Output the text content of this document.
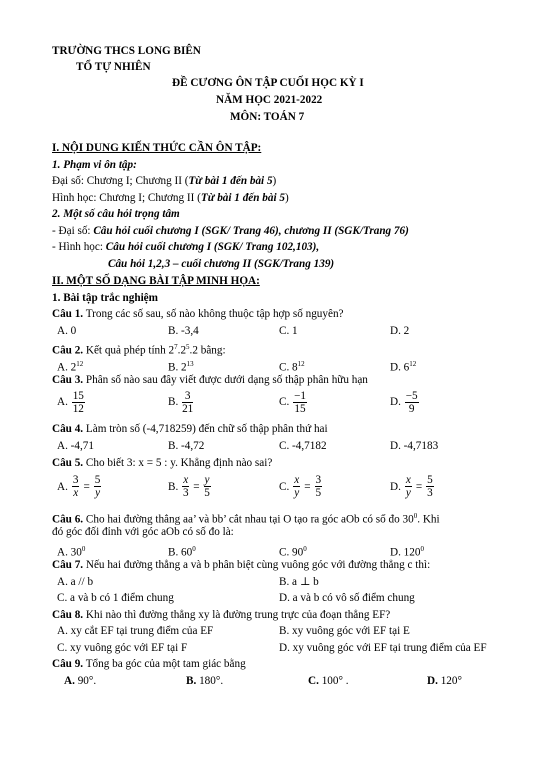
TRƯỜNG THCS LONG BIÊN
TỔ TỰ NHIÊN
ĐỀ CƯƠNG ÔN TẬP CUỐI HỌC KỲ I
NĂM HỌC 2021-2022
MÔN: TOÁN 7
I. NỘI DUNG KIẾN THỨC CẦN ÔN TẬP:
1. Phạm vi ôn tập:
Đại số: Chương I; Chương II (Từ bài 1 đến bài 5)
Hình học: Chương I; Chương II (Từ bài 1 đến bài 5)
2. Một số câu hỏi trọng tâm
- Đại số: Câu hỏi cuối chương I (SGK/ Trang 46), chương II (SGK/Trang 76)
- Hình học: Câu hỏi cuối chương I (SGK/ Trang 102,103),
Câu hỏi 1,2,3 – cuối chương II (SGK/Trang 139)
II. MỘT SỐ DẠNG BÀI TẬP MINH HỌA:
1. Bài tập trắc nghiệm
Câu 1. Trong các số sau, số nào không thuộc tập hợp số nguyên?
A. 0	B. -3,4	C. 1	D. 2
Câu 2. Kết quả phép tính $2^7.2^5.2$ bằng:
A. $2^{12}$	B. $2^{13}$	C. $8^{12}$	D. $6^{12}$
Câu 3. Phân số nào sau đây viết được dưới dạng số thập phân hữu hạn
A. $\frac{15}{12}$	B. $\frac{3}{21}$	C. $\frac{-1}{15}$	D. $\frac{-5}{9}$
Câu 4. Làm tròn số (-4,718259) đến chữ số thập phân thứ hai
A. -4,71	B. -4,72	C. -4,7182	D. -4,7183
Câu 5. Cho biết 3: x = 5 : y. Khẳng định nào sai?
A. $\frac{3}{x} = \frac{5}{y}$	B. $\frac{x}{3} = \frac{y}{5}$	C. $\frac{x}{y} = \frac{3}{5}$	D. $\frac{x}{y} = \frac{5}{3}$
Câu 6. Cho hai đường thẳng aa’ và bb’ cắt nhau tại O tạo ra góc aOb có số đo $30^0$. Khi
đó góc đối đỉnh với góc aOb có số đo là:
A. $30^0$	B. $60^0$	C. $90^0$	D. $120^0$
Câu 7. Nếu hai đường thẳng a và b phân biệt cùng vuông góc với đường thẳng c thì:
A. a // b	B. a ⊥ b
C. a và b có 1 điểm chung	D. a và b có vô số điểm chung
Câu 8. Khi nào thì đường thẳng xy là đường trung trực của đoạn thẳng EF?
A. xy cắt EF tại trung điểm của EF	B. xy vuông góc với EF tại E
C. xy vuông góc với EF tại F	D. xy vuông góc với EF tại trung điểm của EF
Câu 9. Tổng ba góc của một tam giác bằng
A. 90°.	B. 180°.	C. 100° .	D. 120°
